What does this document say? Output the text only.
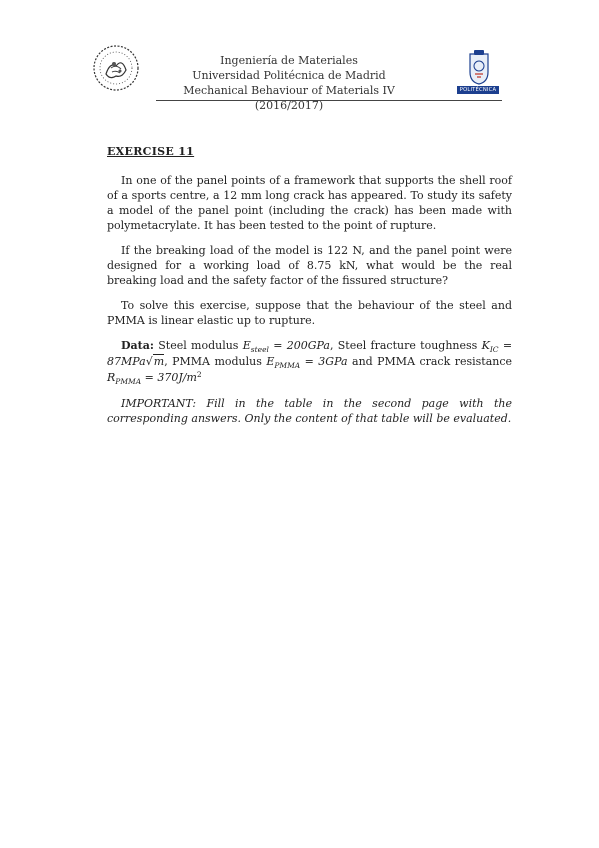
Ingeniería de Materiales
Universidad Politécnica de Madrid
Mechanical Behaviour of Materials IV (2016/2017)
POLITÉCNICA
EXERCISE 11

In one of the panel points of a framework that supports the shell roof of a sports centre, a 12 mm long crack has appeared. To study its safety a model of the panel point (including the crack) has been made with polymetacrylate. It has been tested to the point of rupture.

If the breaking load of the model is 122 N, and the panel point were designed for a working load of 8.75 kN, what would be the real breaking load and the safety factor of the fissured structure?

To solve this exercise, suppose that the behaviour of the steel and PMMA is linear elastic up to rupture.

Data: Steel modulus $E_{steel} = 200GPa$, Steel fracture toughness $K_{IC} = 87MPa√m$, PMMA modulus $E_{PMMA} = 3GPa$ and PMMA crack resistance $R_{PMMA} = 370J/m^2$

IMPORTANT: Fill in the table in the second page with the corresponding answers. Only the content of that table will be evaluated.
